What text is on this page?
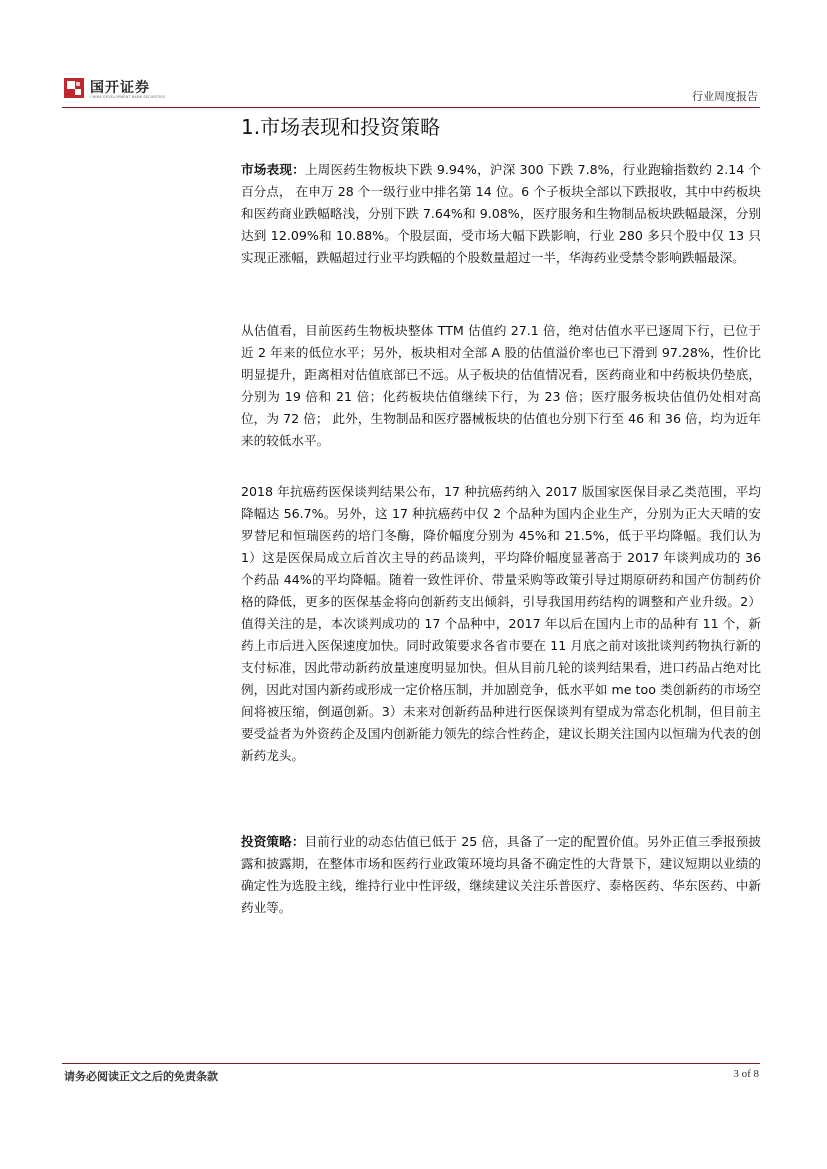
国开证券
CHINA DEVELOPMENT BANK SECURITIES	行业周度报告
1.市场表现和投资策略

市场表现：上周医药生物板块下跌 9.94%，沪深 300 下跌 7.8%，行业跑输指数约 2.14 个百分点， 在申万 28 个一级行业中排名第 14 位。6 个子板块全部以下跌报收，其中中药板块和医药商业跌幅略浅，分别下跌 7.64%和 9.08%，医疗服务和生物制品板块跌幅最深，分别达到 12.09%和 10.88%。个股层面，受市场大幅下跌影响，行业 280 多只个股中仅 13 只实现正涨幅，跌幅超过行业平均跌幅的个股数量超过一半，华海药业受禁令影响跌幅最深。

从估值看，目前医药生物板块整体 TTM 估值约 27.1 倍，绝对估值水平已逐周下行，已位于近 2 年来的低位水平；另外，板块相对全部 A 股的估值溢价率也已下滑到 97.28%，性价比明显提升，距离相对估值底部已不远。从子板块的估值情况看，医药商业和中药板块仍垫底，分别为 19 倍和 21 倍；化药板块估值继续下行，为 23 倍；医疗服务板块估值仍处相对高位，为 72 倍； 此外，生物制品和医疗器械板块的估值也分别下行至 46 和 36 倍，均为近年来的较低水平。

2018 年抗癌药医保谈判结果公布，17 种抗癌药纳入 2017 版国家医保目录乙类范围，平均降幅达 56.7%。另外，这 17 种抗癌药中仅 2 个品种为国内企业生产，分别为正大天晴的安罗替尼和恒瑞医药的培门冬酶，降价幅度分别为 45%和 21.5%，低于平均降幅。我们认为 1）这是医保局成立后首次主导的药品谈判，平均降价幅度显著高于 2017 年谈判成功的 36 个药品 44%的平均降幅。随着一致性评价、带量采购等政策引导过期原研药和国产仿制药价格的降低，更多的医保基金将向创新药支出倾斜，引导我国用药结构的调整和产业升级。2）值得关注的是，本次谈判成功的 17 个品种中，2017 年以后在国内上市的品种有 11 个，新药上市后进入医保速度加快。同时政策要求各省市要在 11 月底之前对该批谈判药物执行新的支付标准，因此带动新药放量速度明显加快。但从目前几轮的谈判结果看，进口药品占绝对比例，因此对国内新药或形成一定价格压制，并加剧竞争，低水平如 me too 类创新药的市场空间将被压缩，倒逼创新。3）未来对创新药品种进行医保谈判有望成为常态化机制，但目前主要受益者为外资药企及国内创新能力领先的综合性药企，建议长期关注国内以恒瑞为代表的创新药龙头。

投资策略：目前行业的动态估值已低于 25 倍，具备了一定的配置价值。另外正值三季报预披露和披露期，在整体市场和医药行业政策环境均具备不确定性的大背景下，建议短期以业绩的确定性为选股主线，维持行业中性评级，继续建议关注乐普医疗、泰格医药、华东医药、中新药业等。

请务必阅读正文之后的免责条款	3 of 8
